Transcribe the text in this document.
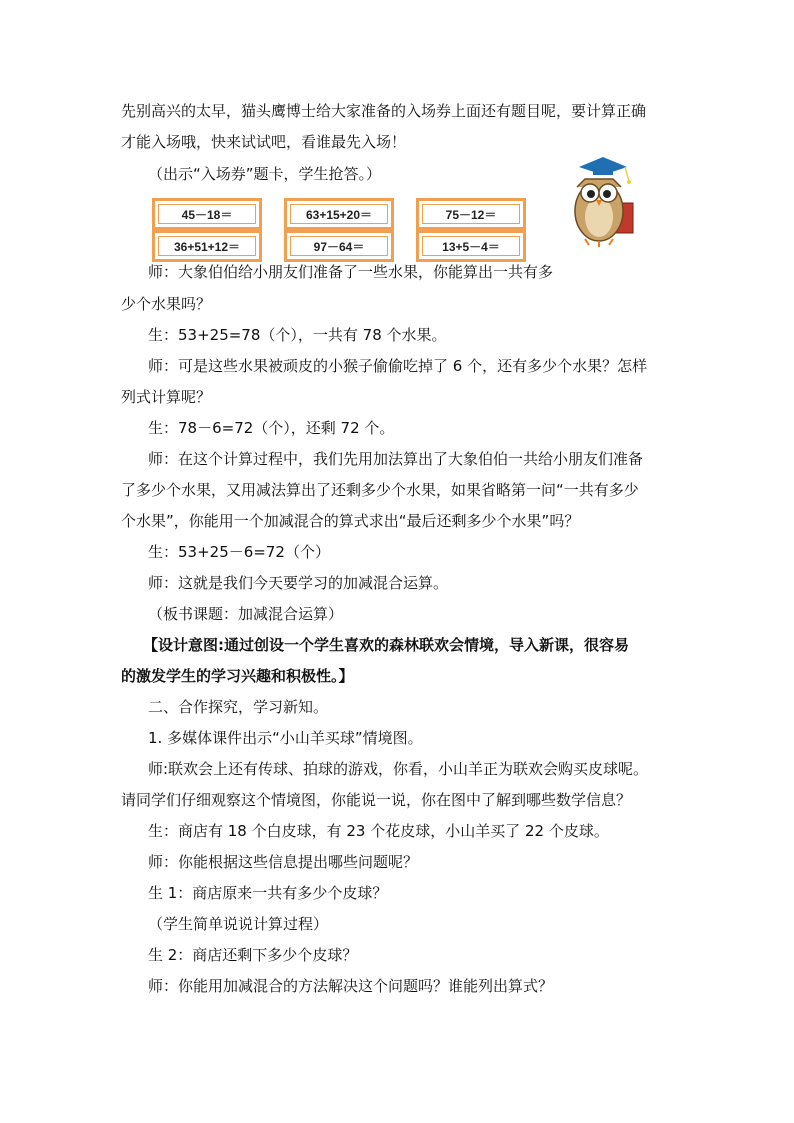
先别高兴的太早，猫头鹰博士给大家准备的入场券上面还有题目呢，要计算正确
才能入场哦，快来试试吧，看谁最先入场！
（出示“入场券”题卡，学生抢答。）
45－18＝	63+15+20＝	75－12＝
师：大象伯伯给小朋友们准备了一些水果，你能算出一共有多
36+51+12＝	97－64＝	13+5－4＝
少个水果吗？
生：53+25=78（个），一共有 78 个水果。
师：可是这些水果被顽皮的小猴子偷偷吃掉了 6 个，还有多少个水果？怎样
列式计算呢？
生：78－6=72（个），还剩 72 个。
师：在这个计算过程中，我们先用加法算出了大象伯伯一共给小朋友们准备
了多少个水果，又用减法算出了还剩多少个水果，如果省略第一问“一共有多少
个水果”，你能用一个加减混合的算式求出“最后还剩多少个水果”吗？
生：53+25－6=72（个）
师：这就是我们今天要学习的加减混合运算。
（板书课题：加减混合运算）
【设计意图:通过创设一个学生喜欢的森林联欢会情境，导入新课，很容易
的激发学生的学习兴趣和积极性。】
二、合作探究，学习新知。
1. 多媒体课件出示“小山羊买球”情境图。
师:联欢会上还有传球、拍球的游戏，你看，小山羊正为联欢会购买皮球呢。
请同学们仔细观察这个情境图，你能说一说，你在图中了解到哪些数学信息？
生：商店有 18 个白皮球，有 23 个花皮球，小山羊买了 22 个皮球。
师：你能根据这些信息提出哪些问题呢？
生 1：商店原来一共有多少个皮球？
（学生简单说说计算过程）
生 2：商店还剩下多少个皮球？
师：你能用加减混合的方法解决这个问题吗？谁能列出算式？
